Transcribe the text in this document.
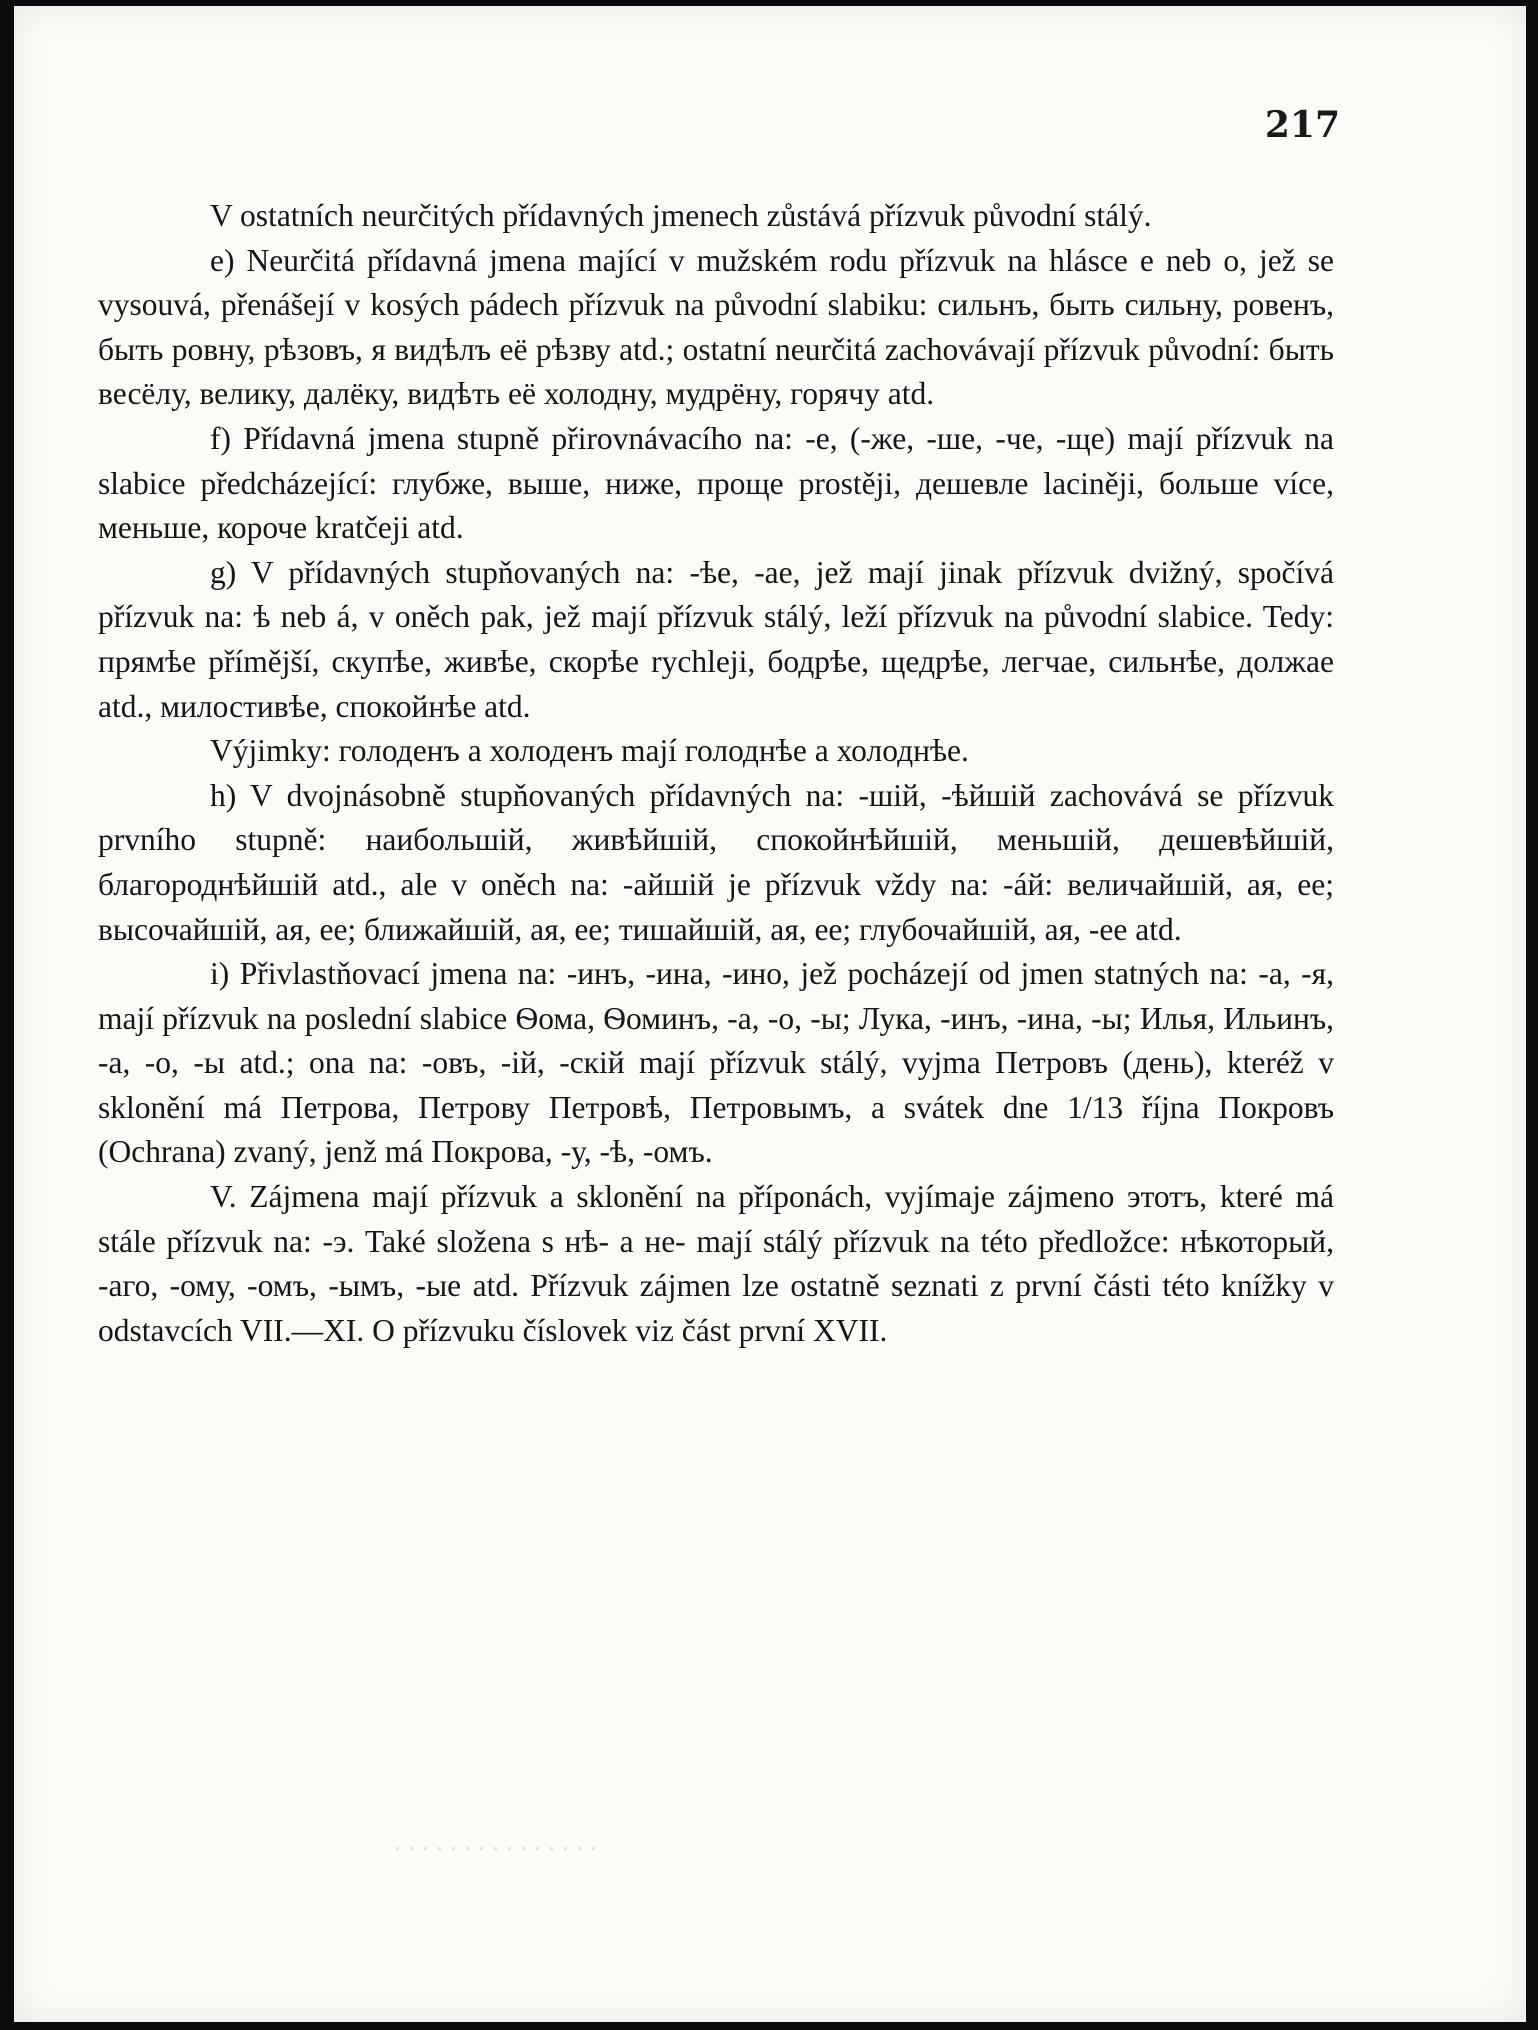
. . . . . . . . . . . . . . .
217

V ostatních neurčitých přídavných jmenech zůstává přízvuk původní stálý.

e) Neurčitá přídavná jmena mající v mužském rodu přízvuk na hlásce e neb o, jež se vysouvá, přenášejí v kosých pádech přízvuk na původní slabiku: сильнъ, быть сильну, ровенъ, быть ровну, рѣзовъ, я видѣлъ её рѣзву atd.; ostatní neurčitá zachovávají přízvuk původní: быть весёлу, велику, далёку, видѣть её холодну, мудрёну, горячу atd.

f) Přídavná jmena stupně přirovnávacího na: -e, (-же, -ше, -че, -ще) mají přízvuk na slabice předcházející: глубже, выше, ниже, проще prostěji, дешевле laciněji, больше více, меньше, короче kratčeji atd.

g) V přídavných stupňovaných na: -ѣе, -ае, jež mají jinak přízvuk dvižný, spočívá přízvuk na: ѣ neb á, v oněch pak, jež mají přízvuk stálý, leží přízvuk na původní slabice. Tedy: прямѣе přímější, скупѣе, живѣе, скорѣе rychleji, бодрѣе, щедрѣе, легчае, сильнѣе, должае atd., милостивѣе, спокойнѣе atd.

Výjimky: голоденъ a холоденъ mají голоднѣе a холоднѣе.

h) V dvojnásobně stupňovaných přídavných na: -шій, -ѣйшій zachovává se přízvuk prvního stupně: наибольшій, живѣйшій, спокойнѣйшій, меньшій, дешевѣйшій, благороднѣйшій atd., ale v oněch na: -айшій je přízvuk vždy na: -áй: величайшій, ая, ее; высочайшій, ая, ее; ближайшій, ая, ее; тишайшій, ая, ее; глубочайшій, ая, -ее atd.

i) Přivlastňovací jmena na: -инъ, -ина, -ино, jež pocházejí od jmen statných na: -а, -я, mají přízvuk na poslední slabice Ѳома, Ѳоминъ, -а, -о, -ы; Лука, -инъ, -ина, -ы; Илья, Ильинъ, -а, -о, -ы atd.; ona na: -овъ, -ій, -скій mají přízvuk stálý, vyjma Петровъ (день), kteréž v sklonění má Петрова, Петрову Петровѣ, Петровымъ, a svátek dne 1/13 října Покровъ (Ochrana) zvaný, jenž má Покрова, -у, -ѣ, -омъ.

V. Zájmena mají přízvuk a sklonění na příponách, vyjímaje zájmeno этотъ, které má stále přízvuk na: -э. Také složena s нѣ- a не- mají stálý přízvuk na této předložce: нѣкоторый, -аго, -ому, -омъ, -ымъ, -ые atd. Přízvuk zájmen lze ostatně seznati z první části této knížky v odstavcích VII.—XI. O přízvuku číslovek viz část první XVII.
